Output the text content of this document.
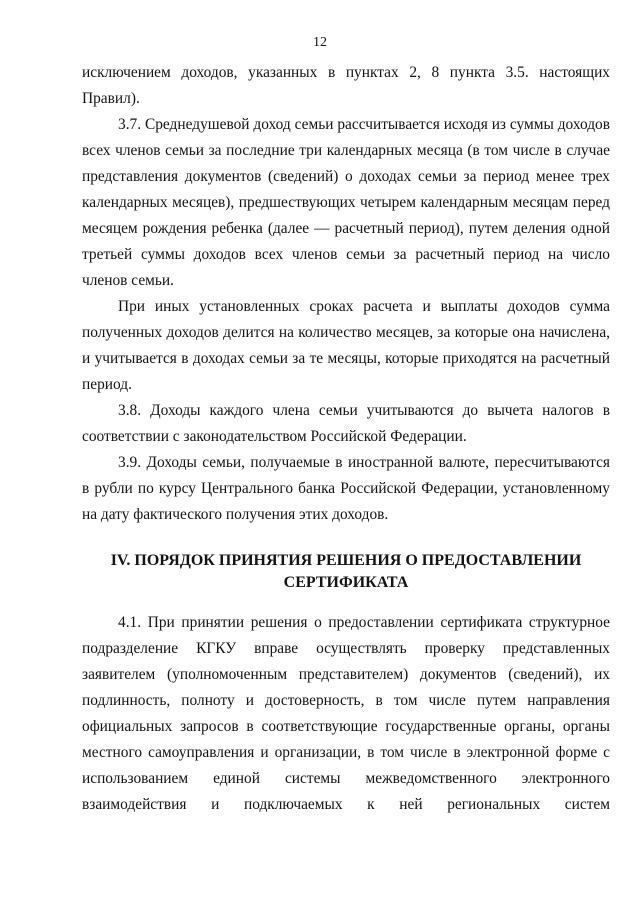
12

исключением доходов, указанных в пунктах 2, 8 пункта 3.5. настоящих Правил).

3.7. Среднедушевой доход семьи рассчитывается исходя из суммы доходов всех членов семьи за последние три календарных месяца (в том числе в случае представления документов (сведений) о доходах семьи за период менее трех календарных месяцев), предшествующих четырем календарным месяцам перед месяцем рождения ребенка (далее — расчетный период), путем деления одной третьей суммы доходов всех членов семьи за расчетный период на число членов семьи.

При иных установленных сроках расчета и выплаты доходов сумма полученных доходов делится на количество месяцев, за которые она начислена, и учитывается в доходах семьи за те месяцы, которые приходятся на расчетный период.

3.8. Доходы каждого члена семьи учитываются до вычета налогов в соответствии с законодательством Российской Федерации.

3.9. Доходы семьи, получаемые в иностранной валюте, пересчитываются в рубли по курсу Центрального банка Российской Федерации, установленному на дату фактического получения этих доходов.

IV. ПОРЯДОК ПРИНЯТИЯ РЕШЕНИЯ О ПРЕДОСТАВЛЕНИИ
СЕРТИФИКАТА

4.1. При принятии решения о предоставлении сертификата структурное подразделение КГКУ вправе осуществлять проверку представленных заявителем (уполномоченным представителем) документов (сведений), их подлинность, полноту и достоверность, в том числе путем направления официальных запросов в соответствующие государственные органы, органы местного самоуправления и организации, в том числе в электронной форме с использованием единой системы межведомственного электронного взаимодействия и подключаемых к ней региональных систем
